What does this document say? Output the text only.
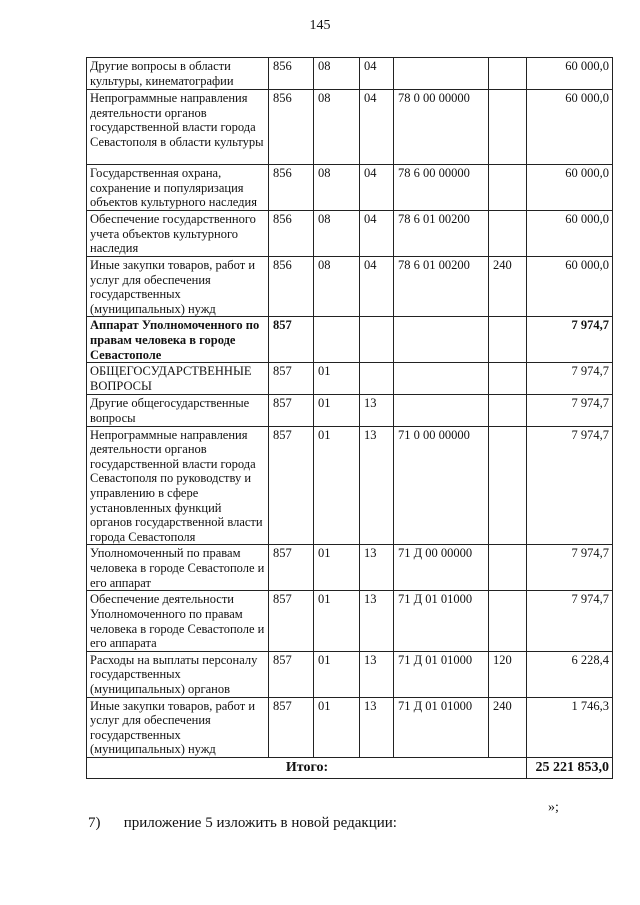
145
Другие вопросы в области культуры, кинематографии	856	08	04			60 000,0
Непрограммные направления деятельности органов государственной власти города Севастополя в области культуры	856	08	04	78 0 00 00000		60 000,0
Государственная охрана, сохранение и популяризация объектов культурного наследия	856	08	04	78 6 00 00000		60 000,0
Обеспечение государственного учета объектов культурного наследия	856	08	04	78 6 01 00200		60 000,0
Иные закупки товаров, работ и услуг для обеспечения государственных (муниципальных) нужд	856	08	04	78 6 01 00200	240	60 000,0
Аппарат Уполномоченного по правам человека в городе Севастополе	857					7 974,7
ОБЩЕГОСУДАРСТВЕННЫЕ ВОПРОСЫ	857	01				7 974,7
Другие общегосударственные вопросы	857	01	13			7 974,7
Непрограммные направления деятельности органов государственной власти города Севастополя по руководству и управлению в сфере установленных функций органов государственной власти города Севастополя	857	01	13	71 0 00 00000		7 974,7
Уполномоченный по правам человека в городе Севастополе и его аппарат	857	01	13	71 Д 00 00000		7 974,7
Обеспечение деятельности Уполномоченного по правам человека в городе Севастополе и его аппарата	857	01	13	71 Д 01 01000		7 974,7
Расходы на выплаты персоналу государственных (муниципальных) органов	857	01	13	71 Д 01 01000	120	6 228,4
Иные закупки товаров, работ и услуг для обеспечения государственных (муниципальных) нужд	857	01	13	71 Д 01 01000	240	1 746,3
Итого:						25 221 853,0
»;
7) приложение 5 изложить в новой редакции:
